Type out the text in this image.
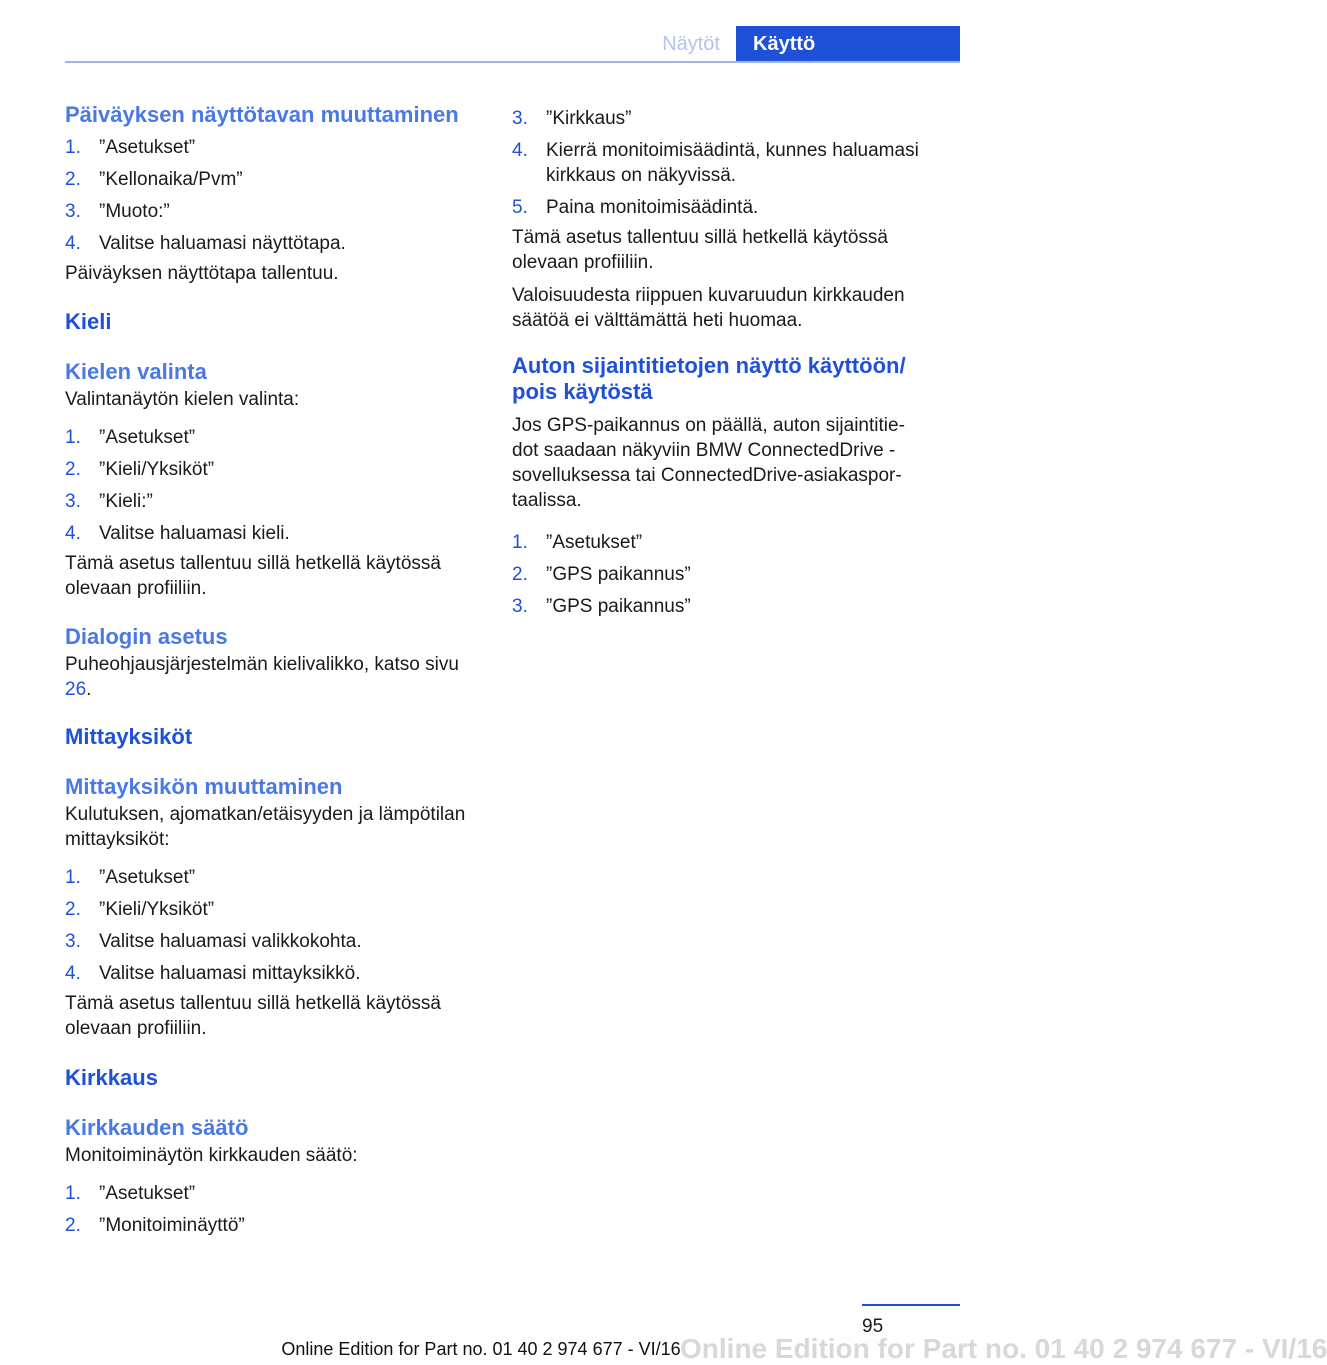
Näytöt	Käyttö
Päiväyksen näyttötavan muuttaminen
1. ”Asetukset”
2. ”Kellonaika/Pvm”
3. ”Muoto:”
4. Valitse haluamasi näyttötapa.

Päiväyksen näyttötapa tallentuu.

Kieli
Kielen valinta

Valintanäytön kielen valinta:

1. ”Asetukset”
2. ”Kieli/Yksiköt”
3. ”Kieli:”
4. Valitse haluamasi kieli.

Tämä asetus tallentuu sillä hetkellä käytössä olevaan profiiliin.

Dialogin asetus

Puheohjausjärjestelmän kielivalikko, katso sivu 26.

Mittayksiköt
Mittayksikön muuttaminen

Kulutuksen, ajomatkan/etäisyyden ja lämpötilan mittayksiköt:

1. ”Asetukset”
2. ”Kieli/Yksiköt”
3. Valitse haluamasi valikkokohta.
4. Valitse haluamasi mittayksikkö.

Tämä asetus tallentuu sillä hetkellä käytössä olevaan profiiliin.

Kirkkaus
Kirkkauden säätö

Monitoiminäytön kirkkauden säätö:

1. ”Asetukset”
2. ”Monitoiminäyttö”
3. ”Kirkkaus”
4. Kierrä monitoimisäädintä, kunnes haluamasi kirkkaus on näkyvissä.
5. Paina monitoimisäädintä.

Tämä asetus tallentuu sillä hetkellä käytössä olevaan profiiliin.

Valoisuudesta riippuen kuvaruudun kirkkauden säätöä ei välttämättä heti huomaa.

Auton sijaintitietojen näyttö käyttöön/ pois käytöstä

Jos GPS-paikannus on päällä, auton sijaintitiedot saadaan näkyviin BMW ConnectedDrive sovelluksessa tai ConnectedDrive-asiakasportaalissa.

1. ”Asetukset”
2. ”GPS paikannus”
3. ”GPS paikannus”
95
Online Edition for Part no. 01 40 2 974 677 - VI/16
Online Edition for Part no. 01 40 2 974 677 - VI/16
